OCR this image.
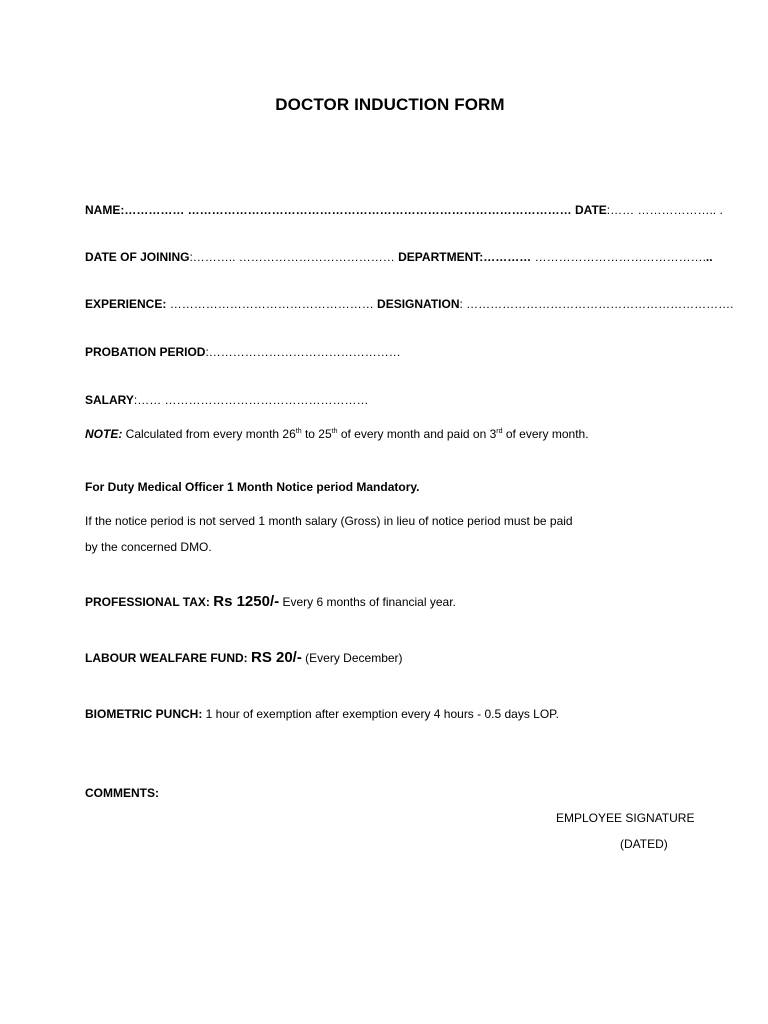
DOCTOR INDUCTION FORM
NAME:…………… …………………………………………………………………………………… DATE:…… ……………….. .
DATE OF JOINING:……….. ………………………………… DEPARTMENT:………… ……………………………………...
EXPERIENCE: …………………………………………… DESIGNATION: ………………………………………………………….
PROBATION PERIOD:…………………………………………
SALARY:…… ……………………………………………
NOTE: Calculated from every month 26th to 25th of every month and paid on 3rd of every month.
For Duty Medical Officer 1 Month Notice period Mandatory.
If the notice period is not served 1 month salary (Gross) in lieu of notice period must be paid
by the concerned DMO.
PROFESSIONAL TAX: Rs 1250/- Every 6 months of financial year.
LABOUR WEALFARE FUND: RS 20/- (Every December)
BIOMETRIC PUNCH: 1 hour of exemption after exemption every 4 hours - 0.5 days LOP.
COMMENTS:
EMPLOYEE SIGNATURE
(DATED)
